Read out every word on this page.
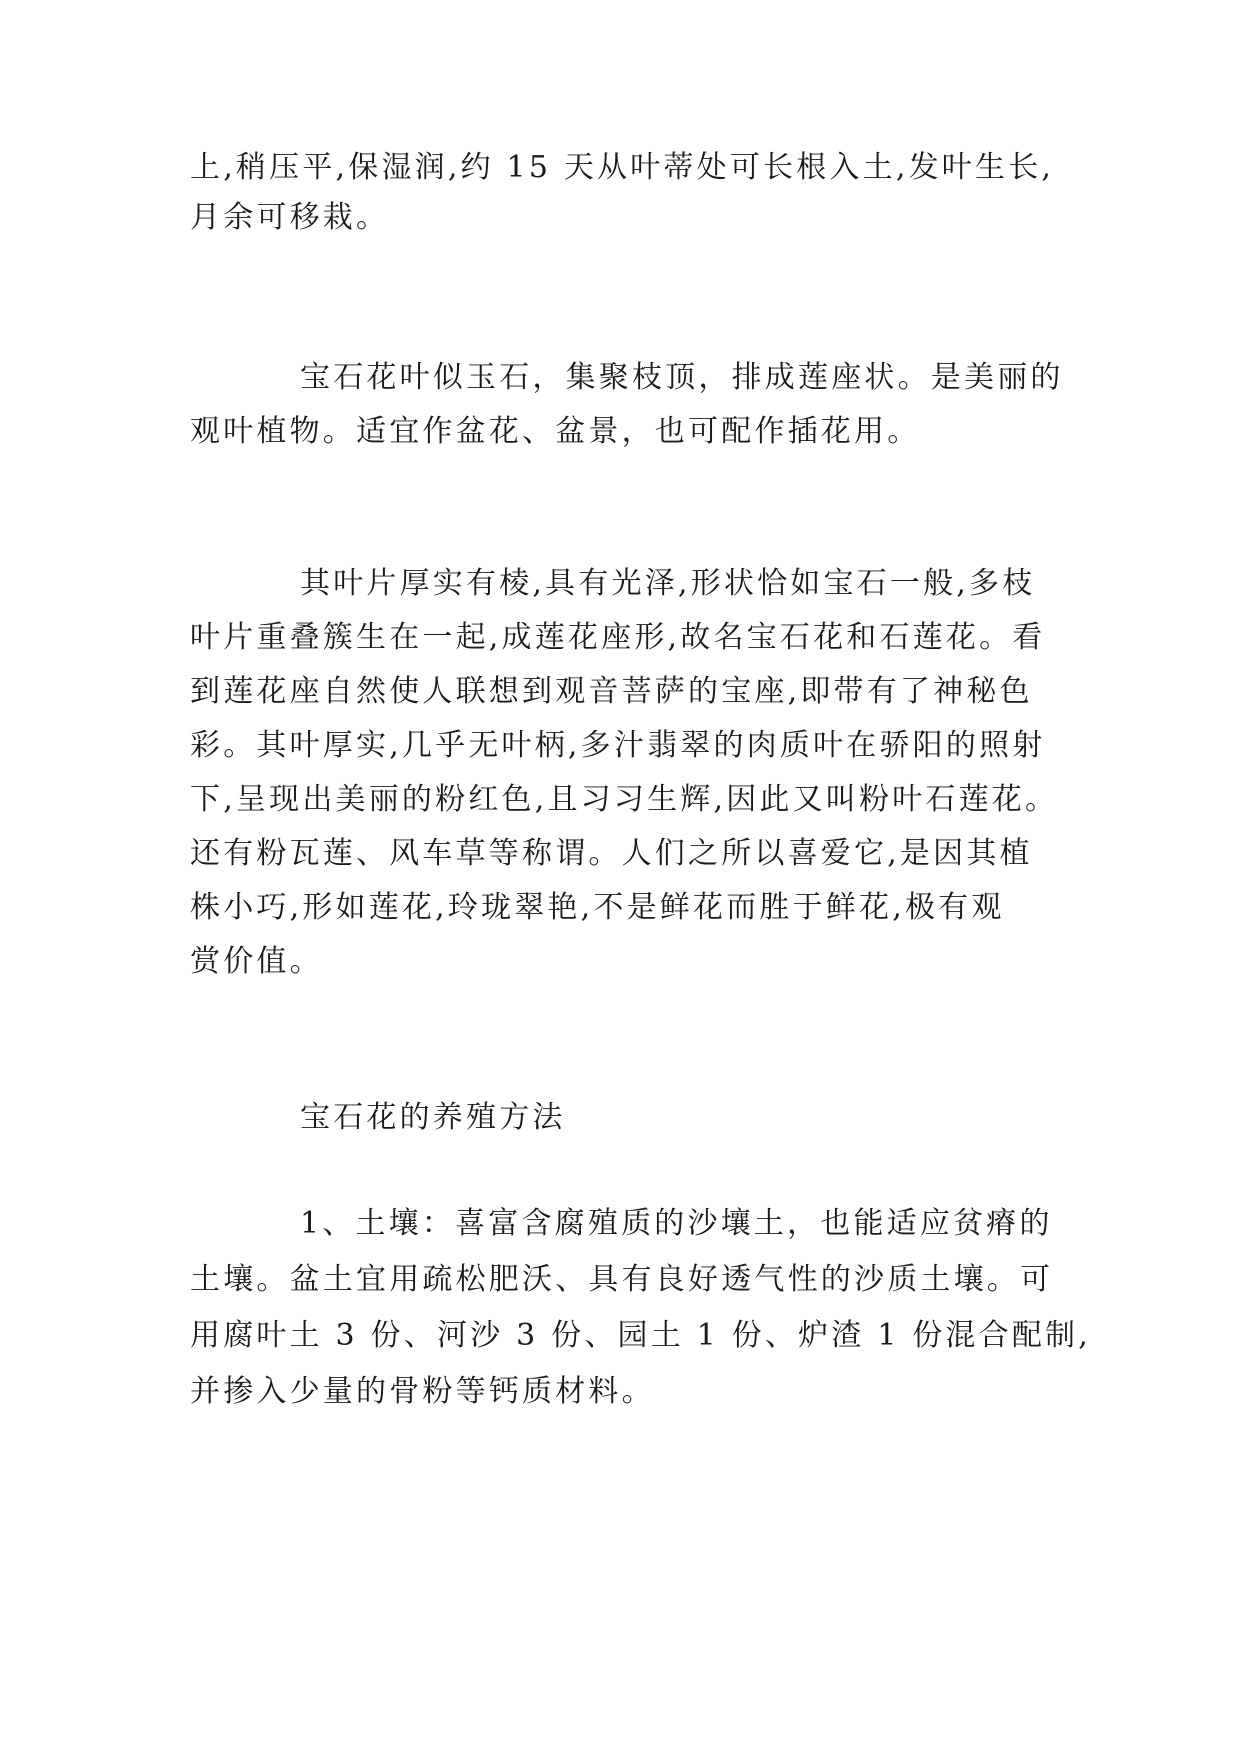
上,稍压平,保湿润,约 15 天从叶蒂处可长根入土,发叶生长,
月余可移栽。
宝石花叶似玉石，集聚枝顶，排成莲座状。是美丽的
观叶植物。适宜作盆花、盆景，也可配作插花用。
其叶片厚实有棱,具有光泽,形状恰如宝石一般,多枝
叶片重叠簇生在一起,成莲花座形,故名宝石花和石莲花。看
到莲花座自然使人联想到观音菩萨的宝座,即带有了神秘色
彩。其叶厚实,几乎无叶柄,多汁翡翠的肉质叶在骄阳的照射
下,呈现出美丽的粉红色,且习习生辉,因此又叫粉叶石莲花。
还有粉瓦莲、风车草等称谓。人们之所以喜爱它,是因其植
株小巧,形如莲花,玲珑翠艳,不是鲜花而胜于鲜花,极有观
赏价值。
宝石花的养殖方法
1、土壤：喜富含腐殖质的沙壤土，也能适应贫瘠的
土壤。盆土宜用疏松肥沃、具有良好透气性的沙质土壤。可
用腐叶土 3 份、河沙 3 份、园土 1 份、炉渣 1 份混合配制,
并掺入少量的骨粉等钙质材料。
